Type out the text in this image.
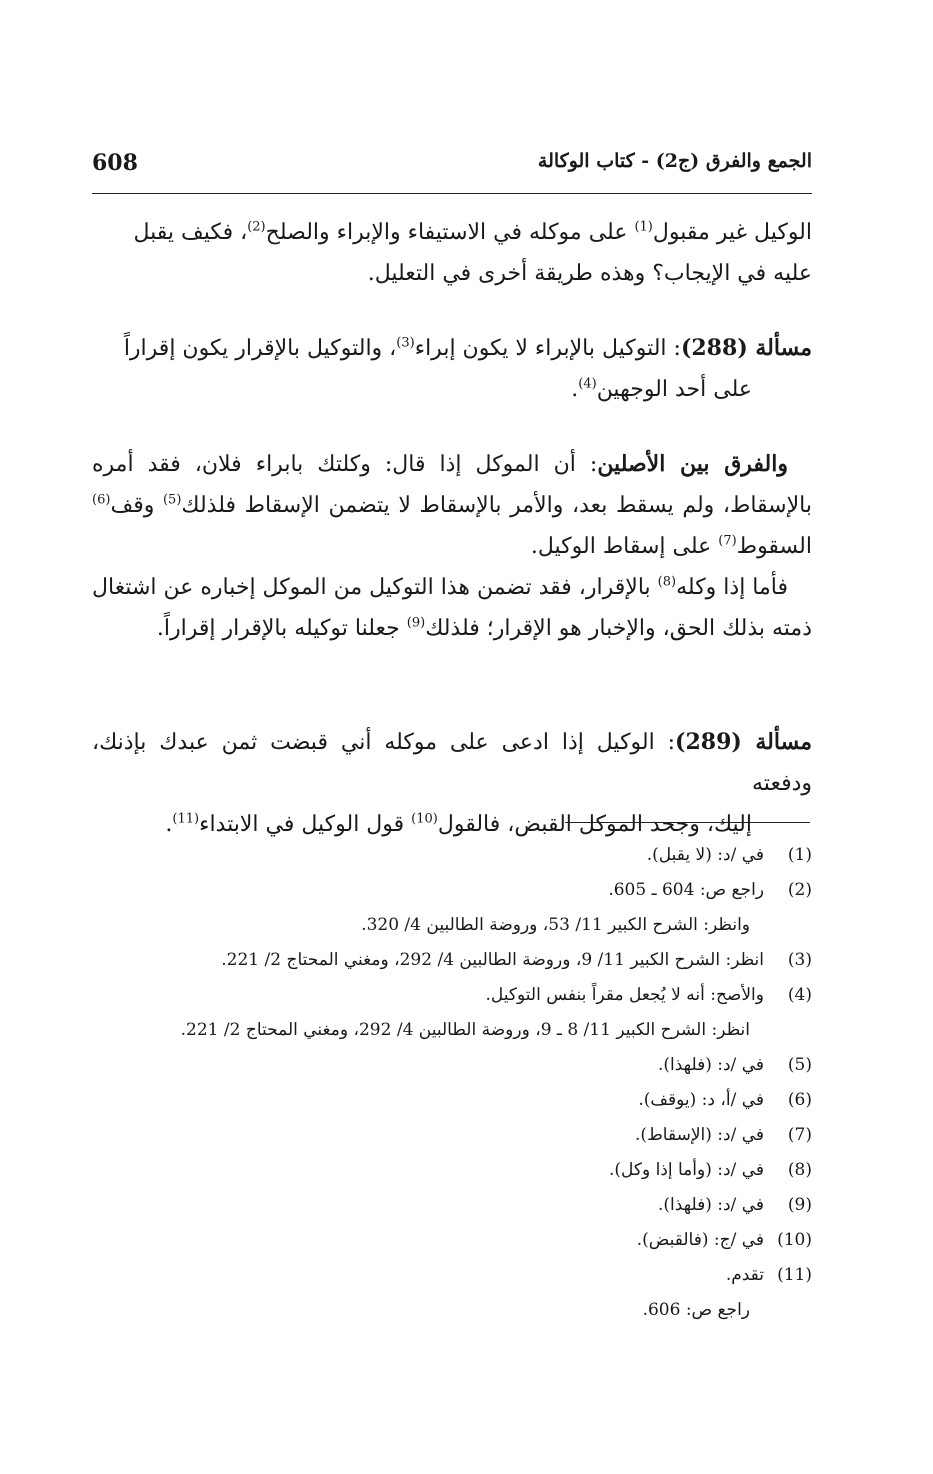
608	الجمع والفرق (ج2) - كتاب الوكالة

الوكيل غير مقبول$^{(1)}$ على موكله في الاستيفاء والإبراء والصلح$^{(2)}$، فكيف يقبل
عليه في الإيجاب؟ وهذه طريقة أخرى في التعليل.

مسألة (288): التوكيل بالإبراء لا يكون إبراء$^{(3)}$، والتوكيل بالإقرار يكون إقراراً
على أحد الوجهين$^{(4)}$.

والفرق بين الأصلين: أن الموكل إذا قال: وكلتك بابراء فلان، فقد أمره بالإسقاط، ولم يسقط بعد، والأمر بالإسقاط لا يتضمن الإسقاط فلذلك$^{(5)}$ وقف$^{(6)}$ السقوط$^{(7)}$ على إسقاط الوكيل.

فأما إذا وكله$^{(8)}$ بالإقرار، فقد تضمن هذا التوكيل من الموكل إخباره عن اشتغال ذمته بذلك الحق، والإخبار هو الإقرار؛ فلذلك$^{(9)}$ جعلنا توكيله بالإقرار إقراراً.

مسألة (289): الوكيل إذا ادعى على موكله أني قبضت ثمن عبدك بإذنك، ودفعته
إليك، وجحد الموكل القبض، فالقول$^{(10)}$ قول الوكيل في الابتداء$^{(11)}$.

(1)
في /د: (لا يقبل).
(2)
راجع ص: 604 ـ 605.
وانظر: الشرح الكبير 11/ 53، وروضة الطالبين 4/ 320.
(3)
انظر: الشرح الكبير 11/ 9، وروضة الطالبين 4/ 292، ومغني المحتاج 2/ 221.
(4)
والأصح: أنه لا يُجعل مقراً بنفس التوكيل.
انظر: الشرح الكبير 11/ 8 ـ 9، وروضة الطالبين 4/ 292، ومغني المحتاج 2/ 221.
(5)
في /د: (فلهذا).
(6)
في /أ، د: (يوقف).
(7)
في /د: (الإسقاط).
(8)
في /د: (وأما إذا وكل).
(9)
في /د: (فلهذا).
(10)
في /ج: (فالقبض).
(11)
تقدم.
راجع ص: 606.
